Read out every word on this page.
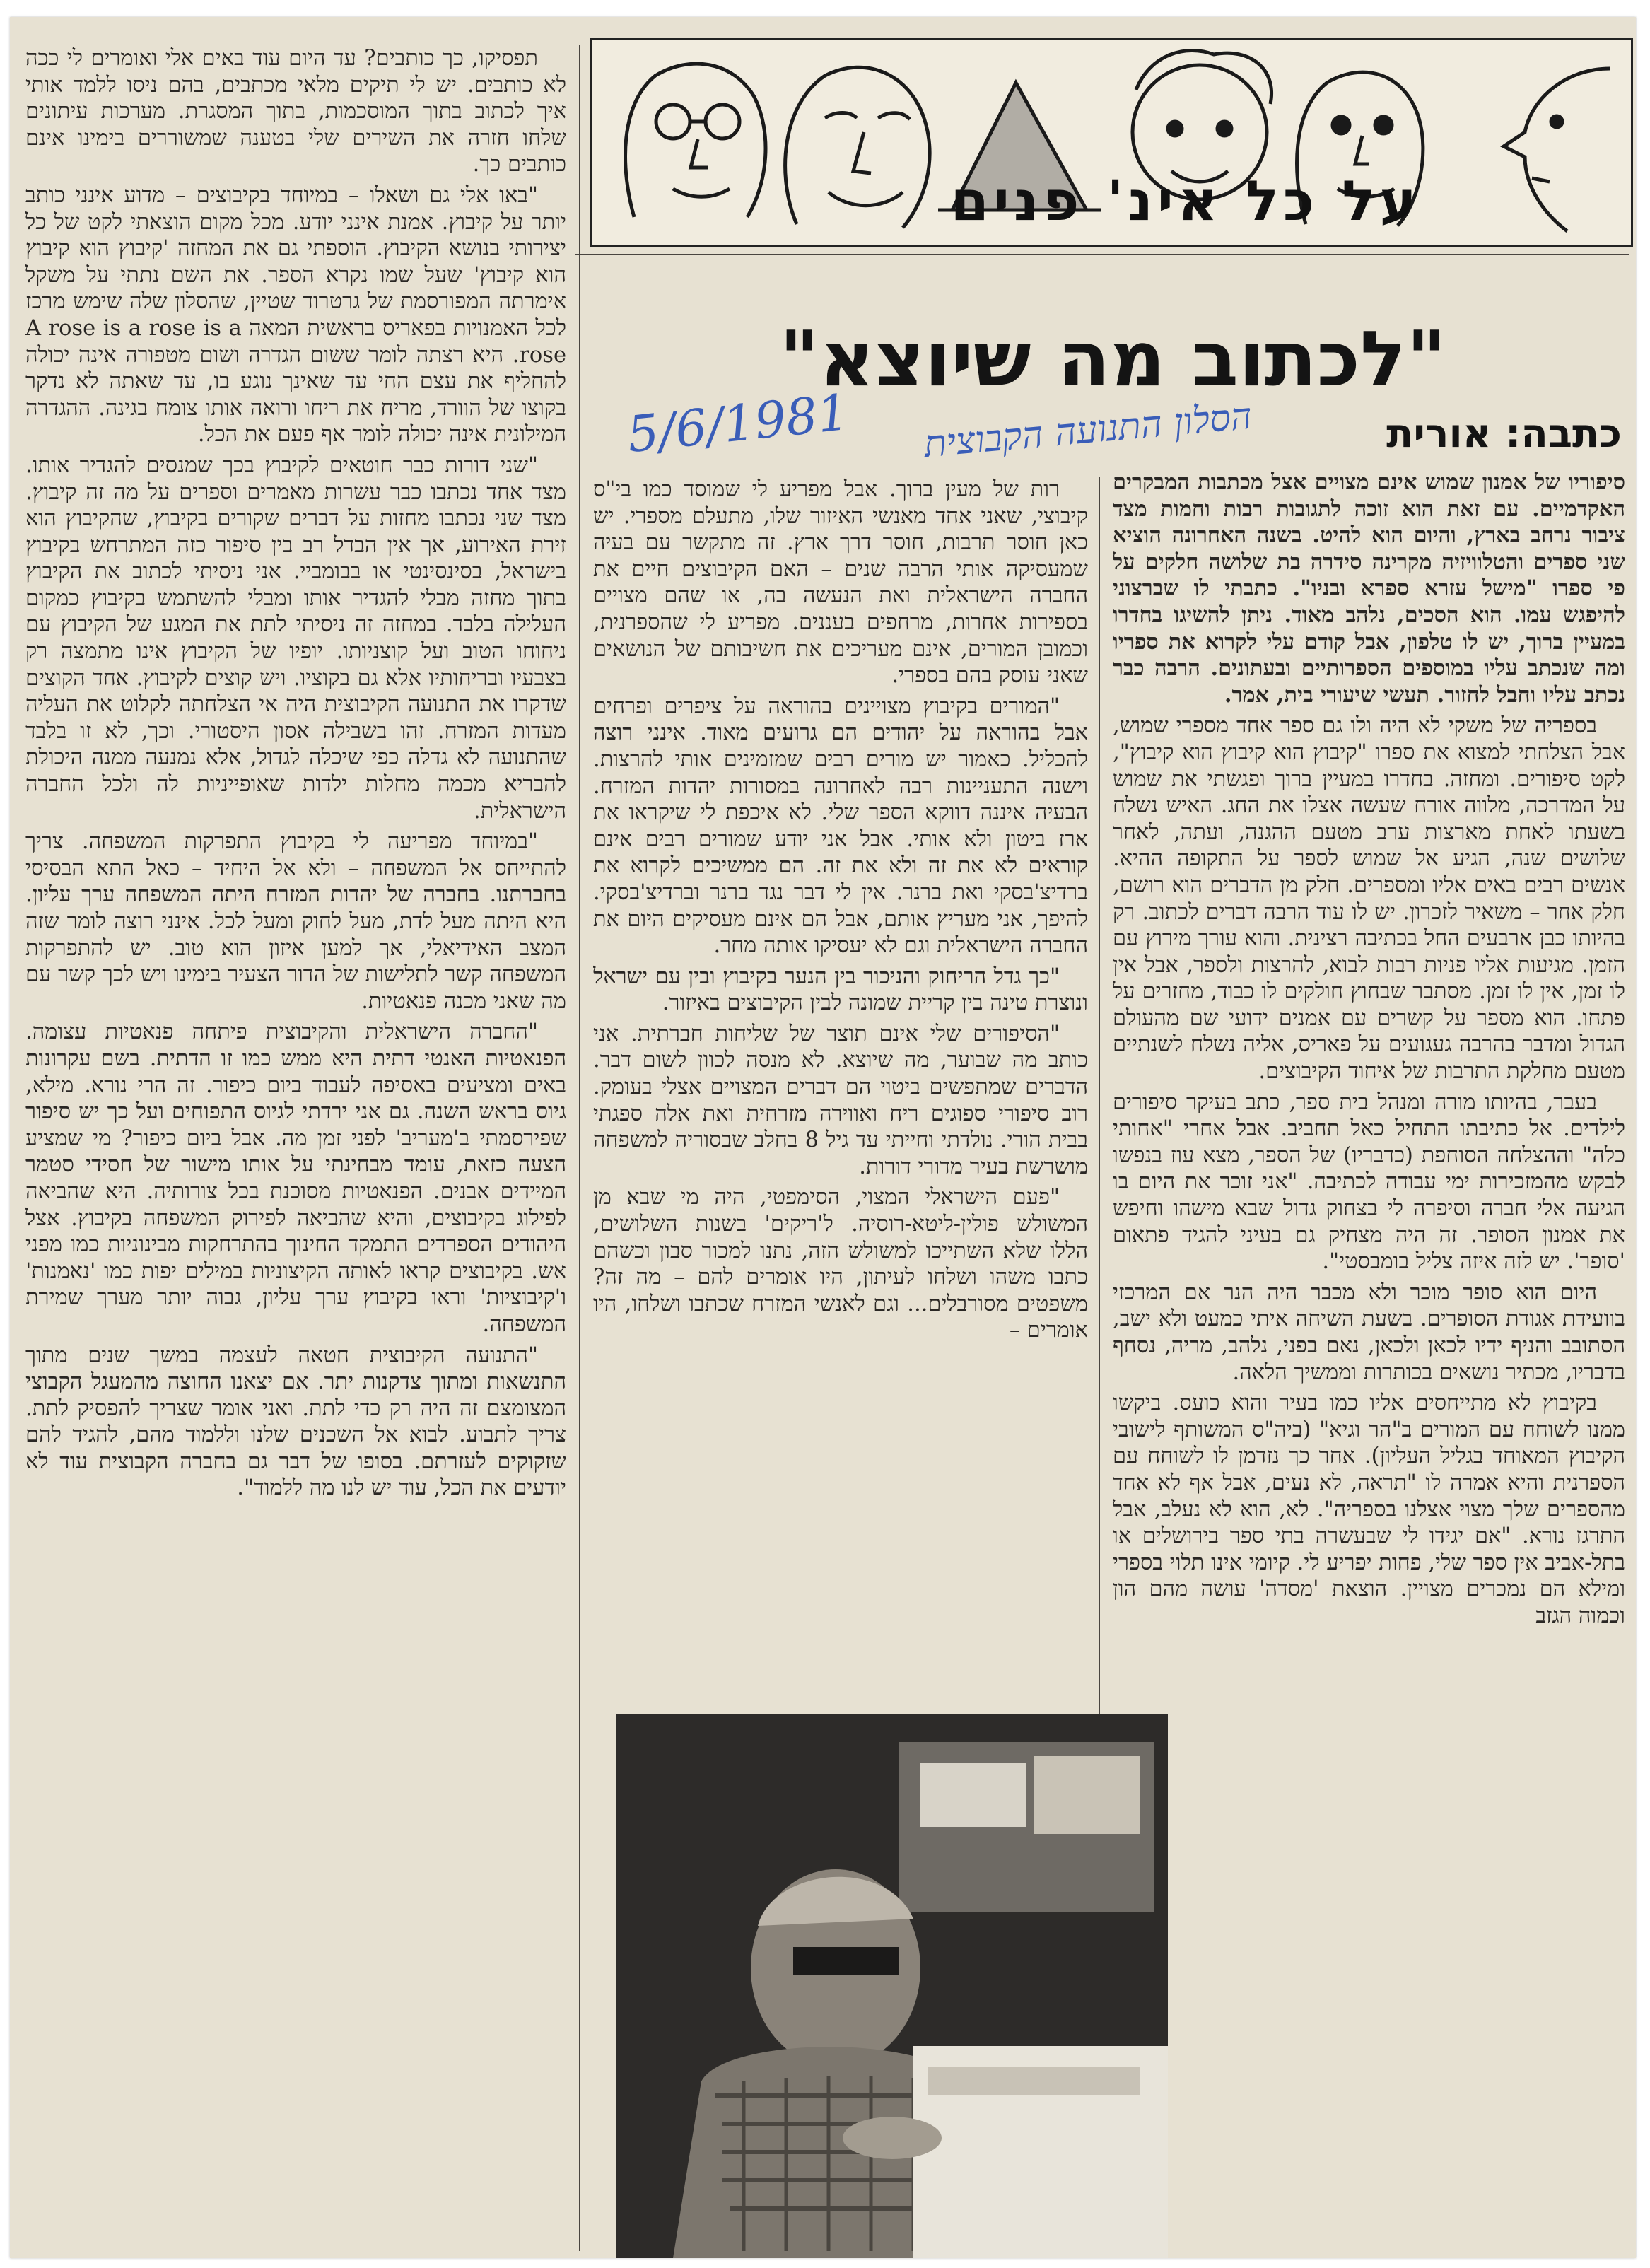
על כל אינ' פנים
"לכתוב מה שיוצא"
כתבה: אורית
5/6/1981	הסלון התנועה הקבוצית

סיפוריו של אמנון שמוש אינם מצויים אצל מכתבות המבקרים האקדמיים. עם זאת הוא זוכה לתגובות רבות וחמות מצד ציבור נרחב בארץ, והיום הוא להיט. בשנה האחרונה הוציא שני ספרים והטלוויזיה מקרינה סידרה בת שלושה חלקים על פי ספרו "מישל עזרא ספרא ובניו". כתבתי לו שברצוני להיפגש עמו. הוא הסכים, נלהב מאוד. ניתן להשיגו בחדרו במעיין ברוך, יש לו טלפון, אבל קודם עלי לקרוא את ספריו ומה שנכתב עליו במוספים הספרותיים ובעתונים. הרבה כבר נכתב עליו וחבל לחזור. תעשי שיעורי בית, אמר.

בספריה של משקי לא היה ולו גם ספר אחד מספרי שמוש, אבל הצלחתי למצוא את ספרו "קיבוץ הוא קיבוץ הוא קיבוץ", לקט סיפורים. ומחזה. בחדרו במעיין ברוך ופגשתי את שמוש על המדרכה, מלווה אורח שעשה אצלו את החג. האיש נשלח בשעתו לאחת מארצות ערב מטעם ההגנה, ועתה, לאחר שלושים שנה, הגיע אל שמוש לספר על התקופה ההיא. אנשים רבים באים אליו ומספרים. חלק מן הדברים הוא רושם, חלק אחר – משאיר לזכרון. יש לו עוד הרבה דברים לכתוב. רק בהיותו כבן ארבעים החל בכתיבה רצינית. והוא עורך מירוץ עם הזמן. מגיעות אליו פניות רבות לבוא, להרצות ולספר, אבל אין לו זמן, אין לו זמן. מסתבר שבחוץ חולקים לו כבוד, מחזרים על פתחו. הוא מספר על קשרים עם אמנים ידועי שם מהעולם הגדול ומדבר בהרבה געגועים על פאריס, אליה נשלח לשנתיים מטעם מחלקת התרבות של איחוד הקיבוצים.

בעבר, בהיותו מורה ומנהל בית ספר, כתב בעיקר סיפורים לילדים. אל כתיבתו התחיל כאל תחביב. אבל אחרי "אחותי כלה" וההצלחה הסוחפת (כדבריו) של הספר, מצא עוז בנפשו לבקש מהמזכירות ימי עבודה לכתיבה. "אני זוכר את היום בו הגיעה אלי חברה וסיפרה לי בצחוק גדול שבא מישהו וחיפש את אמנון הסופר. זה היה מצחיק גם בעיני להגיד פתאום 'סופר'. יש לזה איזה צליל בומבסטי".

היום הוא סופר מוכר ולא מכבר היה הנר אם המרכזי בוועידת אגודת הסופרים. בשעת השיחה איתי כמעט ולא ישב, הסתובב והניף ידיו לכאן ולכאן, נאם בפני, נלהב, מריה, נסחף בדבריו, מכתיר נושאים בכותרות וממשיך הלאה.

בקיבוץ לא מתייחסים אליו כמו בעיר והוא כועס. ביקשו ממנו לשוחח עם המורים ב"הר וגיא" (ביה"ס המשותף לישובי הקיבוץ המאוחד בגליל העליון). אחר כך נזדמן לו לשוחח עם הספרנית והיא אמרה לו "תראה, לא נעים, אבל אף לא אחד מהספרים שלך מצוי אצלנו בספריה". לא, הוא לא נעלב, אבל התרגז נורא. "אם יגידו לי שבעשרה בתי ספר בירושלים או בתל-אביב אין ספר שלי, פחות יפריע לי. קיומי אינו תלוי בספרי ומילא הם נמכרים מצויין. הוצאת 'מסדה' עושה מהם הון וכמוה הגזב

רות של מעין ברוך. אבל מפריע לי שמוסד כמו בי"ס קיבוצי, שאני אחד מאנשי האיזור שלו, מתעלם מספרי. יש כאן חוסר תרבות, חוסר דרך ארץ. זה מתקשר עם בעיה שמעסיקה אותי הרבה שנים – האם הקיבוצים חיים את החברה הישראלית ואת הנעשה בה, או שהם מצויים בספירות אחרות, מרחפים בעננים. מפריע לי שהספרנית, וכמובן המורים, אינם מעריכים את חשיבותם של הנושאים שאני עוסק בהם בספרי.

"המורים בקיבוץ מצויינים בהוראה על ציפרים ופרחים אבל בהוראה על יהודים הם גרועים מאוד. אינני רוצה להכליל. כאמור יש מורים רבים שמזמינים אותי להרצות. וישנה התעניינות רבה לאחרונה במסורות יהדות המזרח. הבעיה איננה דווקא הספר שלי. לא איכפת לי שיקראו את ארז ביטון ולא אותי. אבל אני יודע שמורים רבים אינם קוראים לא את זה ולא את זה. הם ממשיכים לקרוא את ברדיצ'בסקי ואת ברנר. אין לי דבר נגד ברנר וברדיצ'בסקי. להיפך, אני מעריץ אותם, אבל הם אינם מעסיקים היום את החברה הישראלית וגם לא יעסיקו אותה מחר.

"כך גדל הריחוק והניכור בין הנער בקיבוץ ובין עם ישראל ונוצרת טינה בין קריית שמונה לבין הקיבוצים באיזור.

"הסיפורים שלי אינם תוצר של שליחות חברתית. אני כותב מה שבוער, מה שיוצא. לא מנסה לכוון לשום דבר. הדברים שמתפשים ביטוי הם דברים המצויים אצלי בעומק. רוב סיפורי ספוגים ריח ואווירה מזרחית ואת אלה ספגתי בבית הורי. נולדתי וחייתי עד גיל 8 בחלב שבסוריה למשפחה מושרשת בעיר מדורי דורות.

"פעם הישראלי המצוי, הסימפטי, היה מי שבא מן המשולש פולין-ליטא-רוסיה. ל'ריקים' בשנות השלושים, הללו שלא השתייכו למשולש הזה, נתנו למכור סבון וכשהם כתבו משהו ושלחו לעיתון, היו אומרים להם – מה זה? משפטים מסורבלים... וגם לאנשי המזרח שכתבו ושלחו, היו אומרים –

תפסיקו, כך כותבים? עד היום עוד באים אלי ואומרים לי ככה לא כותבים. יש לי תיקים מלאי מכתבים, בהם ניסו ללמד אותי איך לכתוב בתוך המוסכמות, בתוך המסגרת. מערכות עיתונים שלחו חזרה את השירים שלי בטענה שמשוררים בימינו אינם כותבים כך.

"באו אלי גם ושאלו – במיוחד בקיבוצים – מדוע אינני כותב יותר על קיבוץ. אמנת אינני יודע. מכל מקום הוצאתי לקט של כל יצירותי בנושא הקיבוץ. הוספתי גם את המחזה 'קיבוץ הוא קיבוץ הוא קיבוץ' שעל שמו נקרא הספר. את השם נתתי על משקל אימרתה המפורסמת של גרטרוד שטיין, שהסלון שלה שימש מרכז לכל האמנויות בפאריס בראשית המאה A rose is a rose is a rose. היא רצתה לומר ששום הגדרה ושום מטפורה אינה יכולה להחליף את עצם החי עד שאינך נוגע בו, עד שאתה לא נדקר בקוצו של הוורד, מריח את ריחו ורואה אותו צומח בגינה. ההגדרה המילונית אינה יכולה לומר אף פעם את הכל.

"שני דורות כבר חוטאים לקיבוץ בכך שמנסים להגדיר אותו. מצד אחד נכתבו כבר עשרות מאמרים וספרים על מה זה קיבוץ. מצד שני נכתבו מחזות על דברים שקורים בקיבוץ, שהקיבוץ הוא זירת האירוע, אך אין הבדל רב בין סיפור כזה המתרחש בקיבוץ בישראל, בסינסינטי או בבומביי. אני ניסיתי לכתוב את הקיבוץ בתוך מחזה מבלי להגדיר אותו ומבלי להשתמש בקיבוץ כמקום העלילה בלבד. במחזה זה ניסיתי לתת את המגע של הקיבוץ עם ניחוחו הטוב ועל קוצניותו. יופיו של הקיבוץ אינו מתמצה רק בצבעיו ובריחותיו אלא גם בקוציו. ויש קוצים לקיבוץ. אחד הקוצים שדקרו את התנועה הקיבוצית היה אי הצלחתה לקלוט את העליה מעדות המזרח. זהו בשבילה אסון היסטורי. וכך, לא זו בלבד שהתנועה לא גדלה כפי שיכלה לגדול, אלא נמנעה ממנה היכולת להבריא מכמה מחלות ילדות שאופייניות לה ולכל החברה הישראלית.

"במיוחד מפריעה לי בקיבוץ התפרקות המשפחה. צריך להתייחס אל המשפחה – ולא אל היחיד – כאל התא הבסיסי בחברתנו. בחברה של יהדות המזרח היתה המשפחה ערך עליון. היא היתה מעל לדת, מעל לחוק ומעל לכל. אינני רוצה לומר שזה המצב האידיאלי, אך למען איזון הוא טוב. יש להתפרקות המשפחה קשר לתלישות של הדור הצעיר בימינו ויש לכך קשר עם מה שאני מכנה פנאטיות.

"החברה הישראלית והקיבוצית פיתחה פנאטיות עצומה. הפנאטיות האנטי דתית היא ממש כמו זו הדתית. בשם עקרונות באים ומציעים באסיפה לעבוד ביום כיפור. זה הרי נורא. מילא, גיוס בראש השנה. גם אני ירדתי לגיוס התפוחים ועל כך יש סיפור שפירסמתי ב'מעריב' לפני זמן מה. אבל ביום כיפור? מי שמציע הצעה כזאת, עומד מבחינתי על אותו מישור של חסידי סטמר המיידים אבנים. הפנאטיות מסוכנת בכל צורותיה. היא שהביאה לפילוג בקיבוצים, והיא שהביאה לפירוק המשפחה בקיבוץ. אצל היהודים הספרדים התמקד החינוך בהתרחקות מבינוניות כמו מפני אש. בקיבוצים קראו לאותה הקיצוניות במילים יפות כמו 'נאמנות' ו'קיבוציות' וראו בקיבוץ ערך עליון, גבוה יותר מערך שמירת המשפחה.

"התנועה הקיבוצית חטאה לעצמה במשך שנים מתוך התנשאות ומתוך צדקנות יתר. אם יצאנו החוצה מהמעגל הקבוצי המצומצם זה היה רק כדי לתת. ואני אומר שצריך להפסיק לתת. צריך לתבוע. לבוא אל השכנים שלנו וללמוד מהם, להגיד להם שזקוקים לעזרתם. בסופו של דבר גם בחברה הקבוצית עוד לא יודעים את הכל, עוד יש לנו מה ללמוד".
